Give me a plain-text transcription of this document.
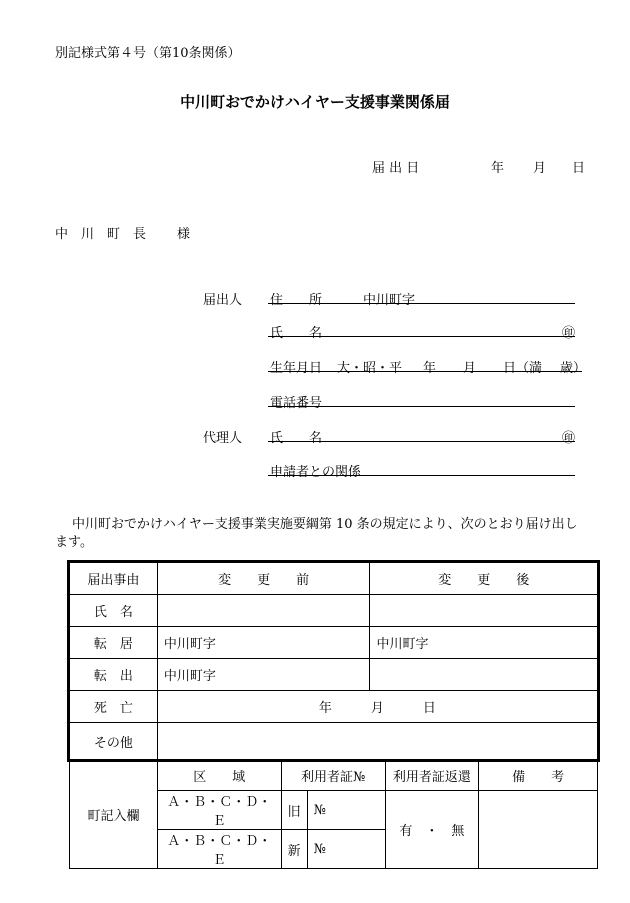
別記様式第４号（第10条関係）
中川町おでかけハイヤー支援事業関係届
届 出 日	年 月 日
中　川　町　長 様
届出人 住　　所	中川町字
氏　　名	㊞
生年月日 大・昭・平 年 月 日（満 歳）
電話番号
代理人 氏　　名	㊞
申請者との関係
中川町おでかけハイヤー支援事業実施要綱第 10 条の規定により、次のとおり届け出し
ます。
届出事由	変　　更　　前	変　　更　　後
氏　名		
転　居	中川町字	中川町字
転　出	中川町字	
死　亡	年　　　月　　　日	
その他		
町記入欄	区　　域	利用者証№		利用者証返還	備　　考
	Ａ・Ｂ・Ｃ・Ｄ・Ｅ	旧	№	有　・　無	
	Ａ・Ｂ・Ｃ・Ｄ・Ｅ	新	№		
